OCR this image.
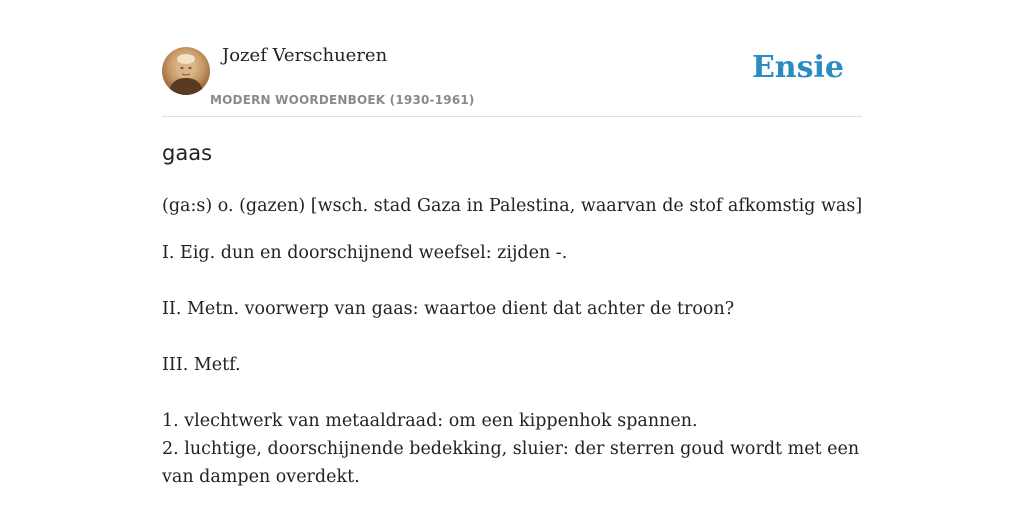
Jozef Verschueren
MODERN WOORDENBOEK (1930-1961)
Ensie
gaas
(ga:s) o. (gazen) [wsch. stad Gaza in Palestina, waarvan de stof afkomstig was]
I. Eig. dun en doorschijnend weefsel: zijden -.
II. Metn. voorwerp van gaas: waartoe dient dat achter de troon?
III. Metf.
1. vlechtwerk van metaaldraad: om een kippenhok spannen.
2. luchtige, doorschijnende bedekking, sluier: der sterren goud wordt met een van dampen overdekt.
